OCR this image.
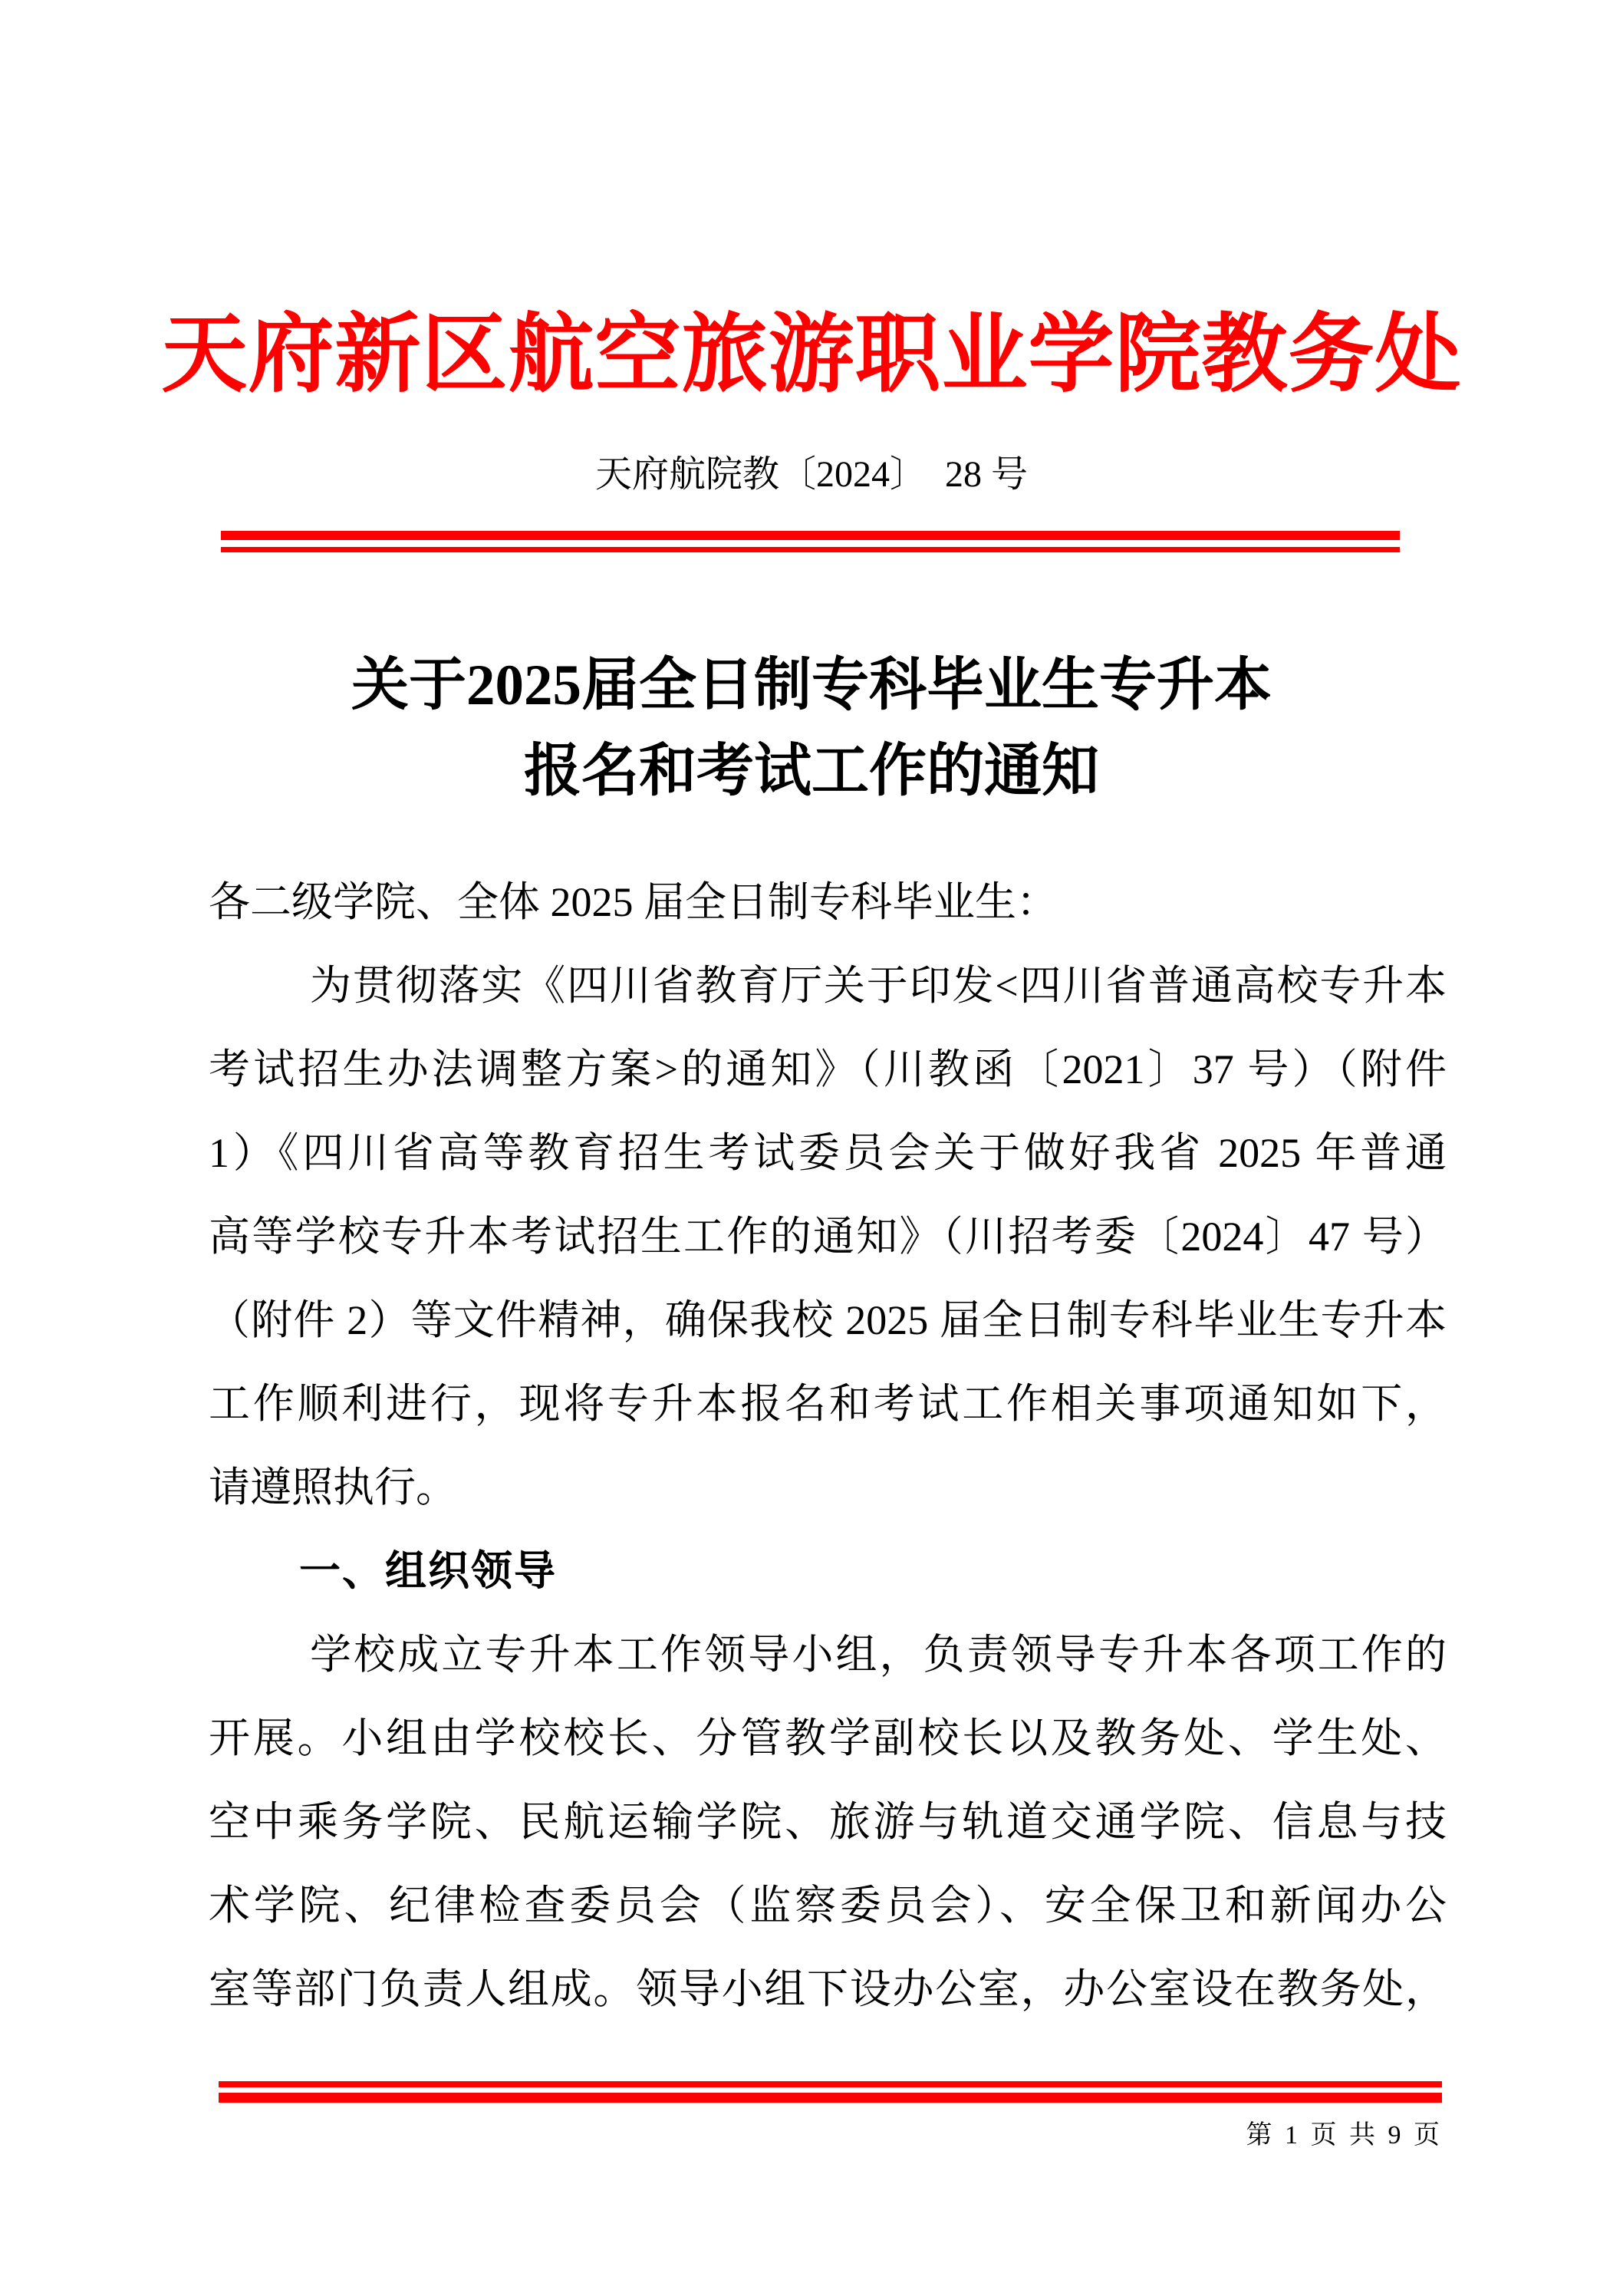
天府新区航空旅游职业学院教务处
天府航院教〔2024〕　28 号
关于2025届全日制专科毕业生专升本
报名和考试工作的通知
各二级学院、全体 2025 届全日制专科毕业生：
为贯彻落实《四川省教育厅关于印发<四川省普通高校专升本
考试招生办法调整方案>的通知》（川教函〔2021〕37 号）（附件
1）《四川省高等教育招生考试委员会关于做好我省 2025 年普通
高等学校专升本考试招生工作的通知》（川招考委〔2024〕47 号）
（附件 2）等文件精神，确保我校 2025 届全日制专科毕业生专升本
工作顺利进行，现将专升本报名和考试工作相关事项通知如下，
请遵照执行。
一、组织领导
学校成立专升本工作领导小组，负责领导专升本各项工作的
开展。小组由学校校长、分管教学副校长以及教务处、学生处、
空中乘务学院、民航运输学院、旅游与轨道交通学院、信息与技
术学院、纪律检查委员会（监察委员会）、安全保卫和新闻办公
室等部门负责人组成。领导小组下设办公室，办公室设在教务处，
第 1 页 共 9 页
